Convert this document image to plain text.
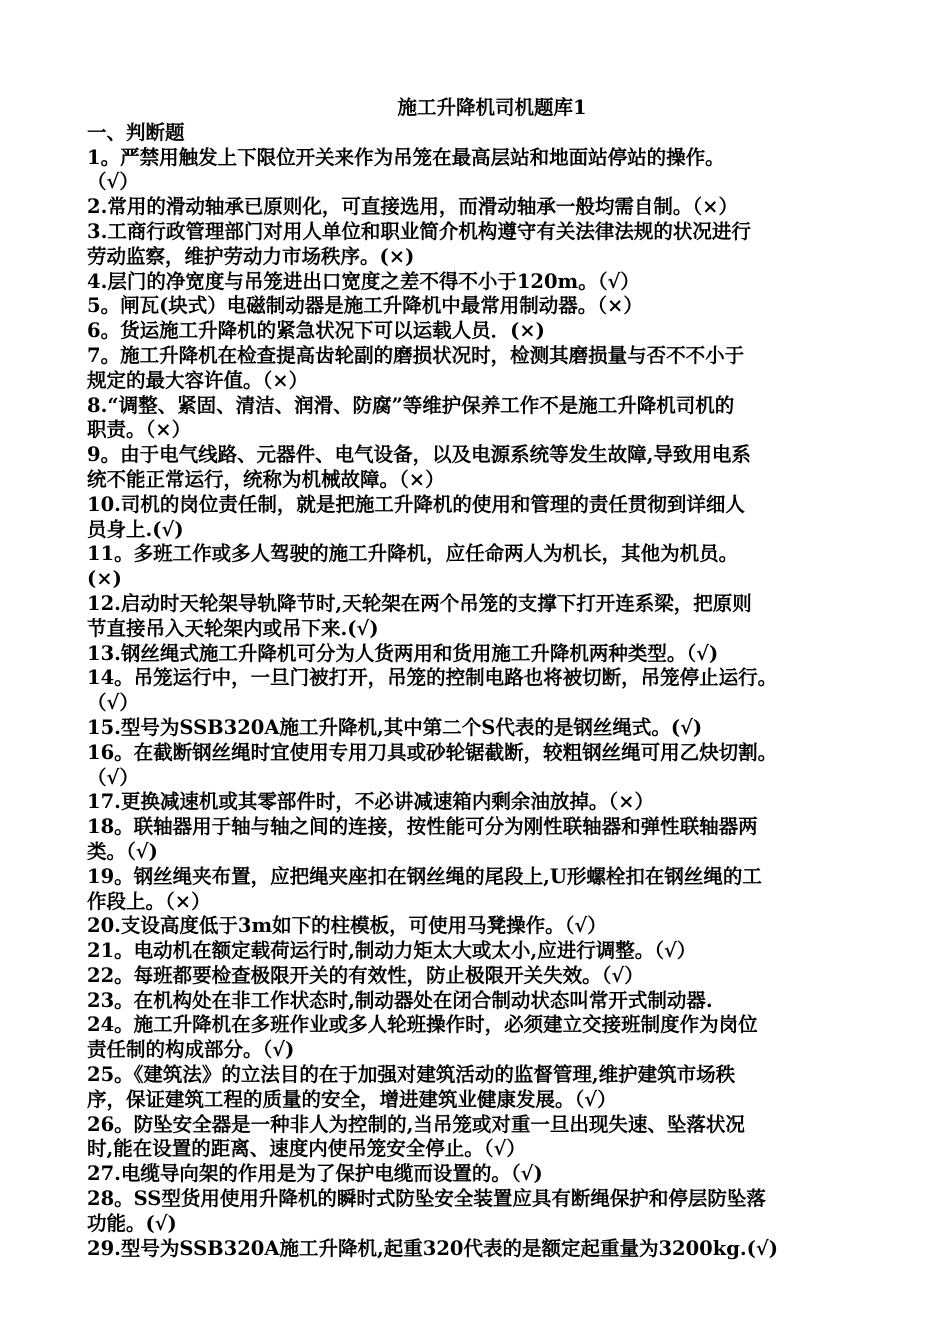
施工升降机司机题库1
一、判断题
1。严禁用触发上下限位开关来作为吊笼在最高层站和地面站停站的操作。
（√）
2.常用的滑动轴承已原则化，可直接选用，而滑动轴承一般均需自制。（×）
3.工商行政管理部门对用人单位和职业简介机构遵守有关法律法规的状况进行
劳动监察，维护劳动力市场秩序。(×)
4.层门的净宽度与吊笼进出口宽度之差不得不小于120m。（√）
5。闸瓦(块式）电磁制动器是施工升降机中最常用制动器。（×）
6。货运施工升降机的紧急状况下可以运载人员．(×)
7。施工升降机在检查提高齿轮副的磨损状况时，检测其磨损量与否不不小于
规定的最大容许值。（×）
8.“调整、紧固、清洁、润滑、防腐”等维护保养工作不是施工升降机司机的
职责。（×）
9。由于电气线路、元器件、电气设备，以及电源系统等发生故障,导致用电系
统不能正常运行，统称为机械故障。（×）
10.司机的岗位责任制，就是把施工升降机的使用和管理的责任贯彻到详细人
员身上.(√)
11。多班工作或多人驾驶的施工升降机，应任命两人为机长，其他为机员。
(×)
12.启动时天轮架导轨降节时,天轮架在两个吊笼的支撑下打开连系梁，把原则
节直接吊入天轮架内或吊下来.(√)
13.钢丝绳式施工升降机可分为人货两用和货用施工升降机两种类型。（√)
14。吊笼运行中，一旦门被打开，吊笼的控制电路也将被切断，吊笼停止运行。
（√）
15.型号为SSB320A施工升降机,其中第二个S代表的是钢丝绳式。(√)
16。在截断钢丝绳时宜使用专用刀具或砂轮锯截断，较粗钢丝绳可用乙炔切割。
（√）
17.更换减速机或其零部件时，不必讲减速箱内剩余油放掉。（×）
18。联轴器用于轴与轴之间的连接，按性能可分为刚性联轴器和弹性联轴器两
类。（√)
19。钢丝绳夹布置，应把绳夹座扣在钢丝绳的尾段上,U形螺栓扣在钢丝绳的工
作段上。（×）
20.支设高度低于3m如下的柱模板，可使用马凳操作。（√）
21。电动机在额定载荷运行时,制动力矩太大或太小,应进行调整。（√）
22。每班都要检查极限开关的有效性，防止极限开关失效。（√）
23。在机构处在非工作状态时,制动器处在闭合制动状态叫常开式制动器.
24。施工升降机在多班作业或多人轮班操作时，必须建立交接班制度作为岗位
责任制的构成部分。（√)
25。《建筑法》的立法目的在于加强对建筑活动的监督管理,维护建筑市场秩
序，保证建筑工程的质量的安全，增进建筑业健康发展。（√）
26。防坠安全器是一种非人为控制的,当吊笼或对重一旦出现失速、坠落状况
时,能在设置的距离、速度内使吊笼安全停止。（√）
27.电缆导向架的作用是为了保护电缆而设置的。（√)
28。SS型货用使用升降机的瞬时式防坠安全装置应具有断绳保护和停层防坠落
功能。(√)
29.型号为SSB320A施工升降机,起重320代表的是额定起重量为3200kg.(√)
